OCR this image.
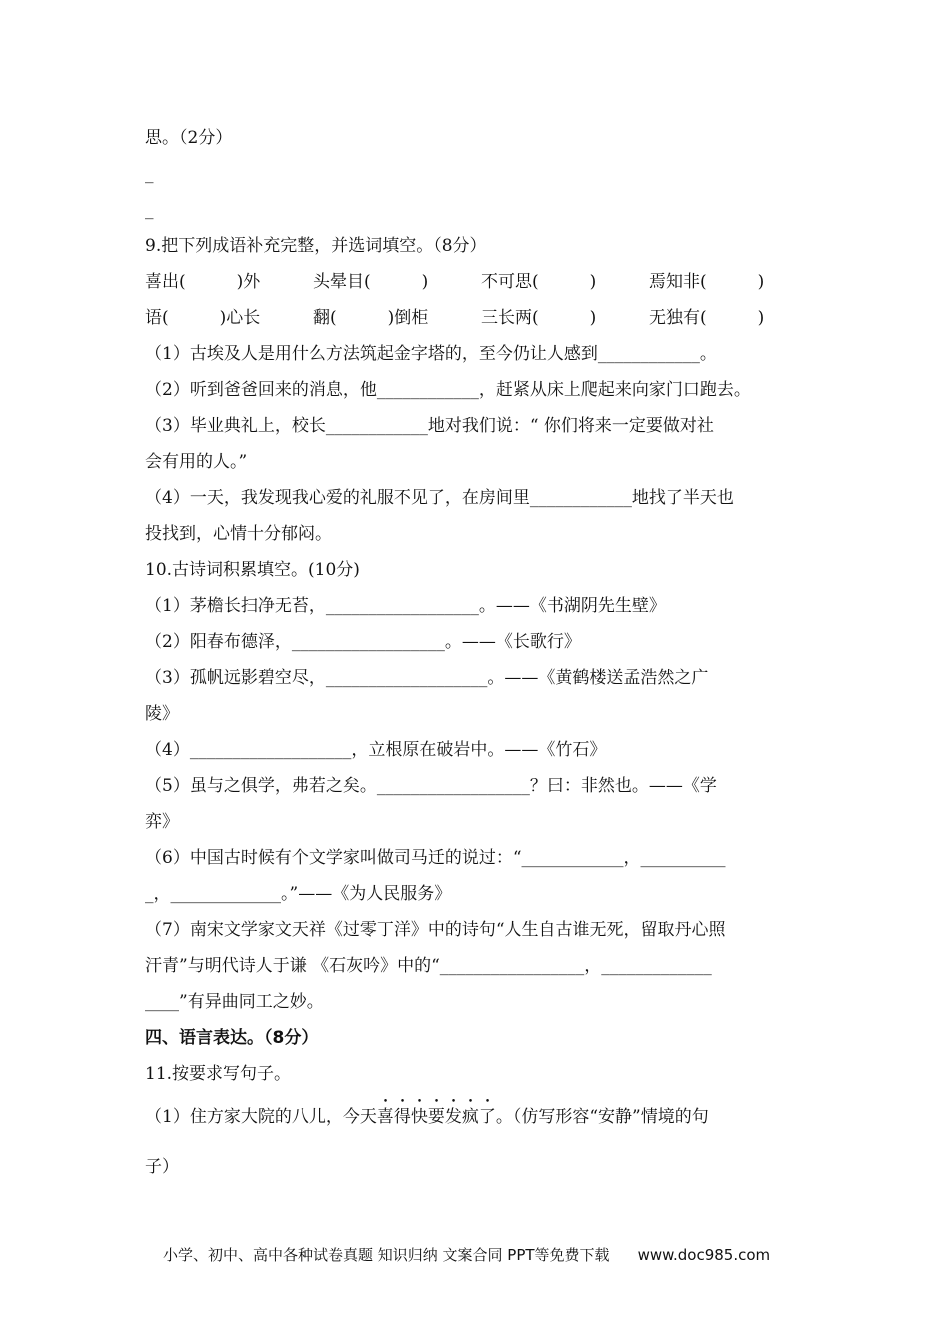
思。（2分）
_
_
9.把下列成语补充完整，并选词填空。（8分）
喜出(　　　)外	头晕目(　　　)	不可思(　　　)	焉知非(　　　)
语(　　　)心长	翻(　　　)倒柜	三长两(　　　)	无独有(　　　)
（1）古埃及人是用什么方法筑起金字塔的，至今仍让人感到____________。
（2）听到爸爸回来的消息，他____________，赶紧从床上爬起来向家门口跑去。
（3）毕业典礼上，校长____________地对我们说：“ 你们将来一定要做对社
会有用的人。”
（4）一天，我发现我心爱的礼服不见了，在房间里____________地找了半天也
投找到，心情十分郁闷。
10.古诗词积累填空。(10分)
（1）茅檐长扫净无苔，__________________。——《书湖阴先生壁》
（2）阳春布德泽，__________________。——《长歌行》
（3）孤帆远影碧空尽，___________________。——《黄鹤楼送孟浩然之广
陵》
（4）___________________，立根原在破岩中。——《竹石》
（5）虽与之俱学，弗若之矣。__________________？曰：非然也。——《学
弈》
（6）中国古时候有个文学家叫做司马迁的说过：“____________，__________
_，_____________。”——《为人民服务》
（7）南宋文学家文天祥《过零丁洋》中的诗句“人生自古谁无死，留取丹心照
汗青”与明代诗人于谦 《石灰吟》中的“_________________，_____________
____”有异曲同工之妙。
四、语言表达。（8分）
11.按要求写句子。
（1）住方家大院的八儿，今天喜得快要发疯了。（仿写形容“安静”情境的句
子）
小学、初中、高中各种试卷真题 知识归纳 文案合同 PPT等免费下载 www.doc985.com
